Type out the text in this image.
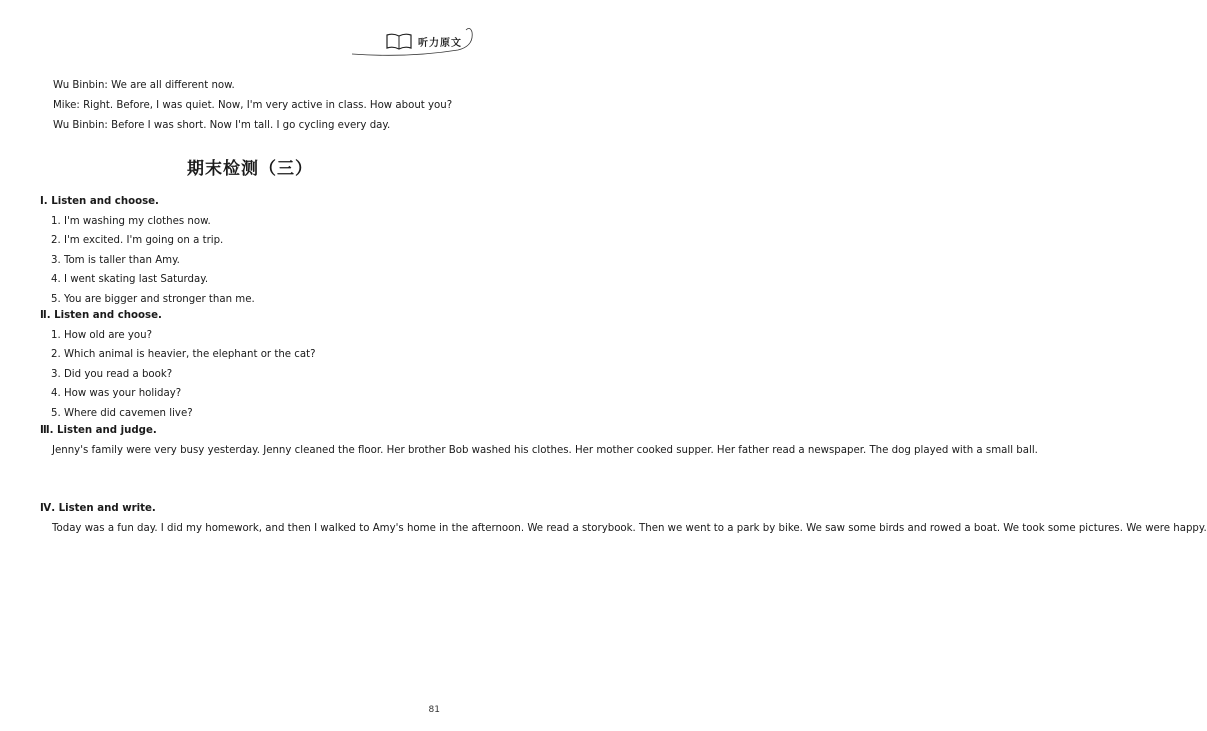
听力原文

Wu Binbin: We are all different now.

Mike: Right. Before, I was quiet. Now, I'm very active in class. How about you?

Wu Binbin: Before I was short. Now I'm tall. I go cycling every day.

期末检测（三）

Ⅰ. Listen and choose.

1. I'm washing my clothes now.
2. I'm excited. I'm going on a trip.
3. Tom is taller than Amy.
4. I went skating last Saturday.
5. You are bigger and stronger than me.

Ⅱ. Listen and choose.

1. How old are you?
2. Which animal is heavier, the elephant or the cat?
3. Did you read a book?
4. How was your holiday?
5. Where did cavemen live?

Ⅲ. Listen and judge.

Jenny's family were very busy yesterday. Jenny cleaned the floor. Her brother Bob washed his clothes. Her mother cooked supper. Her father read a newspaper. The dog played with a small ball.

Ⅳ. Listen and write.

Today was a fun day. I did my homework, and then I walked to Amy's home in the afternoon. We read a storybook. Then we went to a park by bike. We saw some birds and rowed a boat. We took some pictures. We were happy.

81
